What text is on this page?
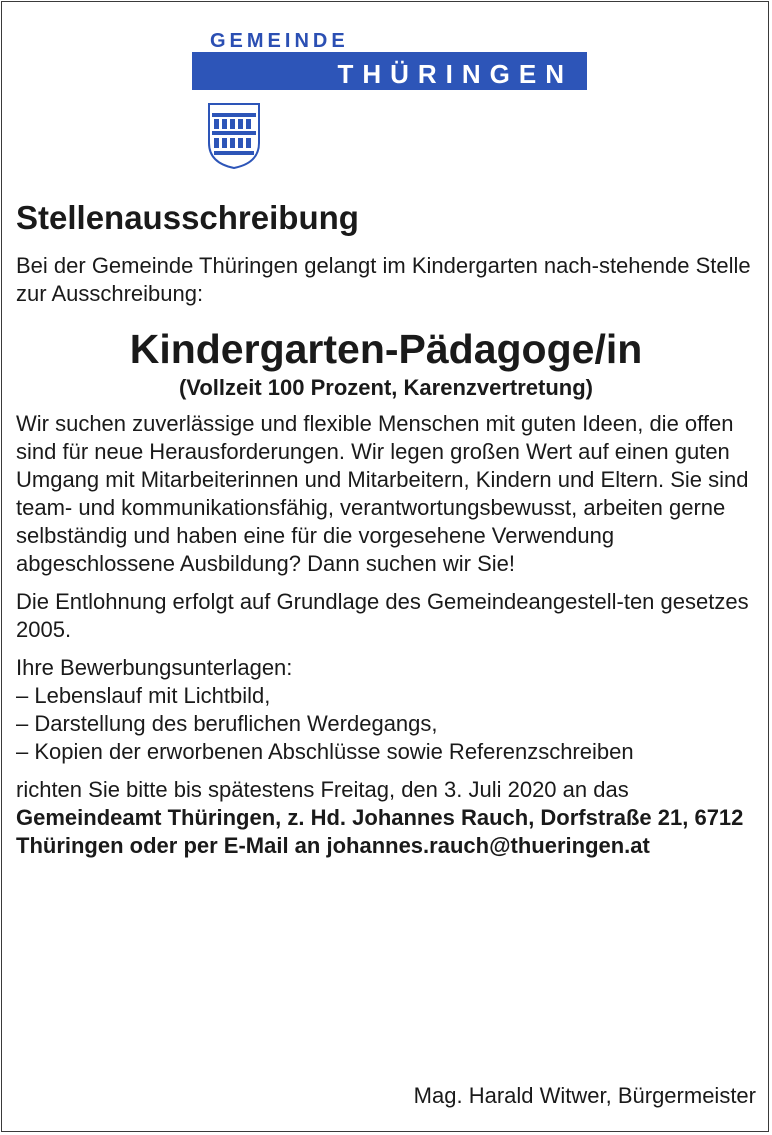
GEMEINDE
THÜRINGEN
Stellenausschreibung

Bei der Gemeinde Thüringen gelangt im Kindergarten nach-stehende Stelle zur Ausschreibung:

Kindergarten-Pädagoge/in
(Vollzeit 100 Prozent, Karenzvertretung)

Wir suchen zuverlässige und flexible Menschen mit guten Ideen, die offen sind für neue Herausforderungen. Wir legen großen Wert auf einen guten Umgang mit Mitarbeiterinnen und Mitarbeitern, Kindern und Eltern. Sie sind team- und kommunikationsfähig, verantwortungsbewusst, arbeiten gerne selbständig und haben eine für die vorgesehene Verwendung abgeschlossene Ausbildung? Dann suchen wir Sie!

Die Entlohnung erfolgt auf Grundlage des Gemeindeangestell-ten gesetzes 2005.

Ihre Bewerbungsunterlagen:

– Lebenslauf mit Lichtbild,
– Darstellung des beruflichen Werdegangs,
– Kopien der erworbenen Abschlüsse sowie Referenzschreiben

richten Sie bitte bis spätestens Freitag, den 3. Juli 2020 an das Gemeindeamt Thüringen, z. Hd. Johannes Rauch, Dorfstraße 21, 6712 Thüringen oder per E-Mail an johannes.rauch@thueringen.at

Mag. Harald Witwer, Bürgermeister
